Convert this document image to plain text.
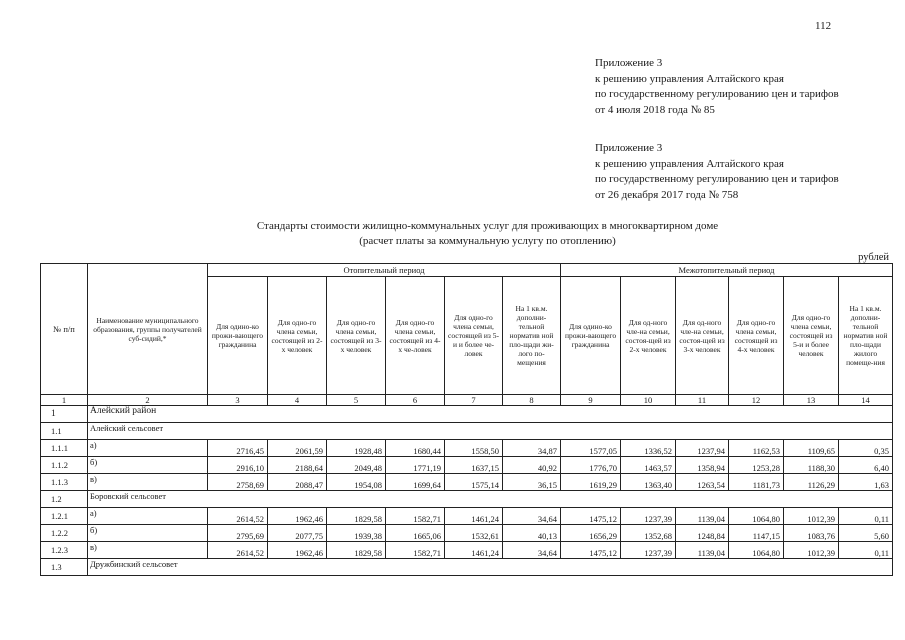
112
Приложение 3
к решению управления Алтайского края
по государственному регулированию цен и тарифов
от 4 июля 2018 года № 85
Приложение 3
к решению управления Алтайского края
по государственному регулированию цен и тарифов
от 26 декабря 2017 года № 758
Стандарты стоимости жилищно-коммунальных услуг для проживающих в многоквартирном доме
(расчет платы за коммунальную услугу по отоплению)
рублей
№ п/п	Наименование муниципального образования, группы получателей суб-сидий,*	Отопительный период						Межотопительный период					
		Для одино-ко прожи-вающего гражданина	Для одно-го члена семьи, состоящей из 2-х человек	Для одно-го члена семьи, состоящей из 3-х человек	Для одно-го члена семьи, состоящей из 4-х че-ловек	Для одно-го члена семьи, состоящей из 5-и и более че-ловек	На 1 кв.м. дополни-тельной норматив ной пло-щади жи-лого по-мещения	Для одино-ко прожи-вающего гражданина	Для од-ного чле-на семьи, состоя-щей из 2-х человек	Для од-ного чле-на семьи, состоя-щей из 3-х человек	Для одно-го члена семьи, состоящей из 4-х человек	Для одно-го члена семьи, состоящей из 5-и и более человек	На 1 кв.м. дополни-тельной норматив ной пло-щади жилого помеще-ния
1	2	3	4	5	6	7	8	9	10	11	12	13	14
1	Алейский район												
1.1	Алейский сельсовет												
1.1.1	а)	2716,45	2061,59	1928,48	1680,44	1558,50	34,87	1577,05	1336,52	1237,94	1162,53	1109,65	0,35
1.1.2	б)	2916,10	2188,64	2049,48	1771,19	1637,15	40,92	1776,70	1463,57	1358,94	1253,28	1188,30	6,40
1.1.3	в)	2758,69	2088,47	1954,08	1699,64	1575,14	36,15	1619,29	1363,40	1263,54	1181,73	1126,29	1,63
1.2	Боровский сельсовет												
1.2.1	а)	2614,52	1962,46	1829,58	1582,71	1461,24	34,64	1475,12	1237,39	1139,04	1064,80	1012,39	0,11
1.2.2	б)	2795,69	2077,75	1939,38	1665,06	1532,61	40,13	1656,29	1352,68	1248,84	1147,15	1083,76	5,60
1.2.3	в)	2614,52	1962,46	1829,58	1582,71	1461,24	34,64	1475,12	1237,39	1139,04	1064,80	1012,39	0,11
1.3	Дружбинский сельсовет												
